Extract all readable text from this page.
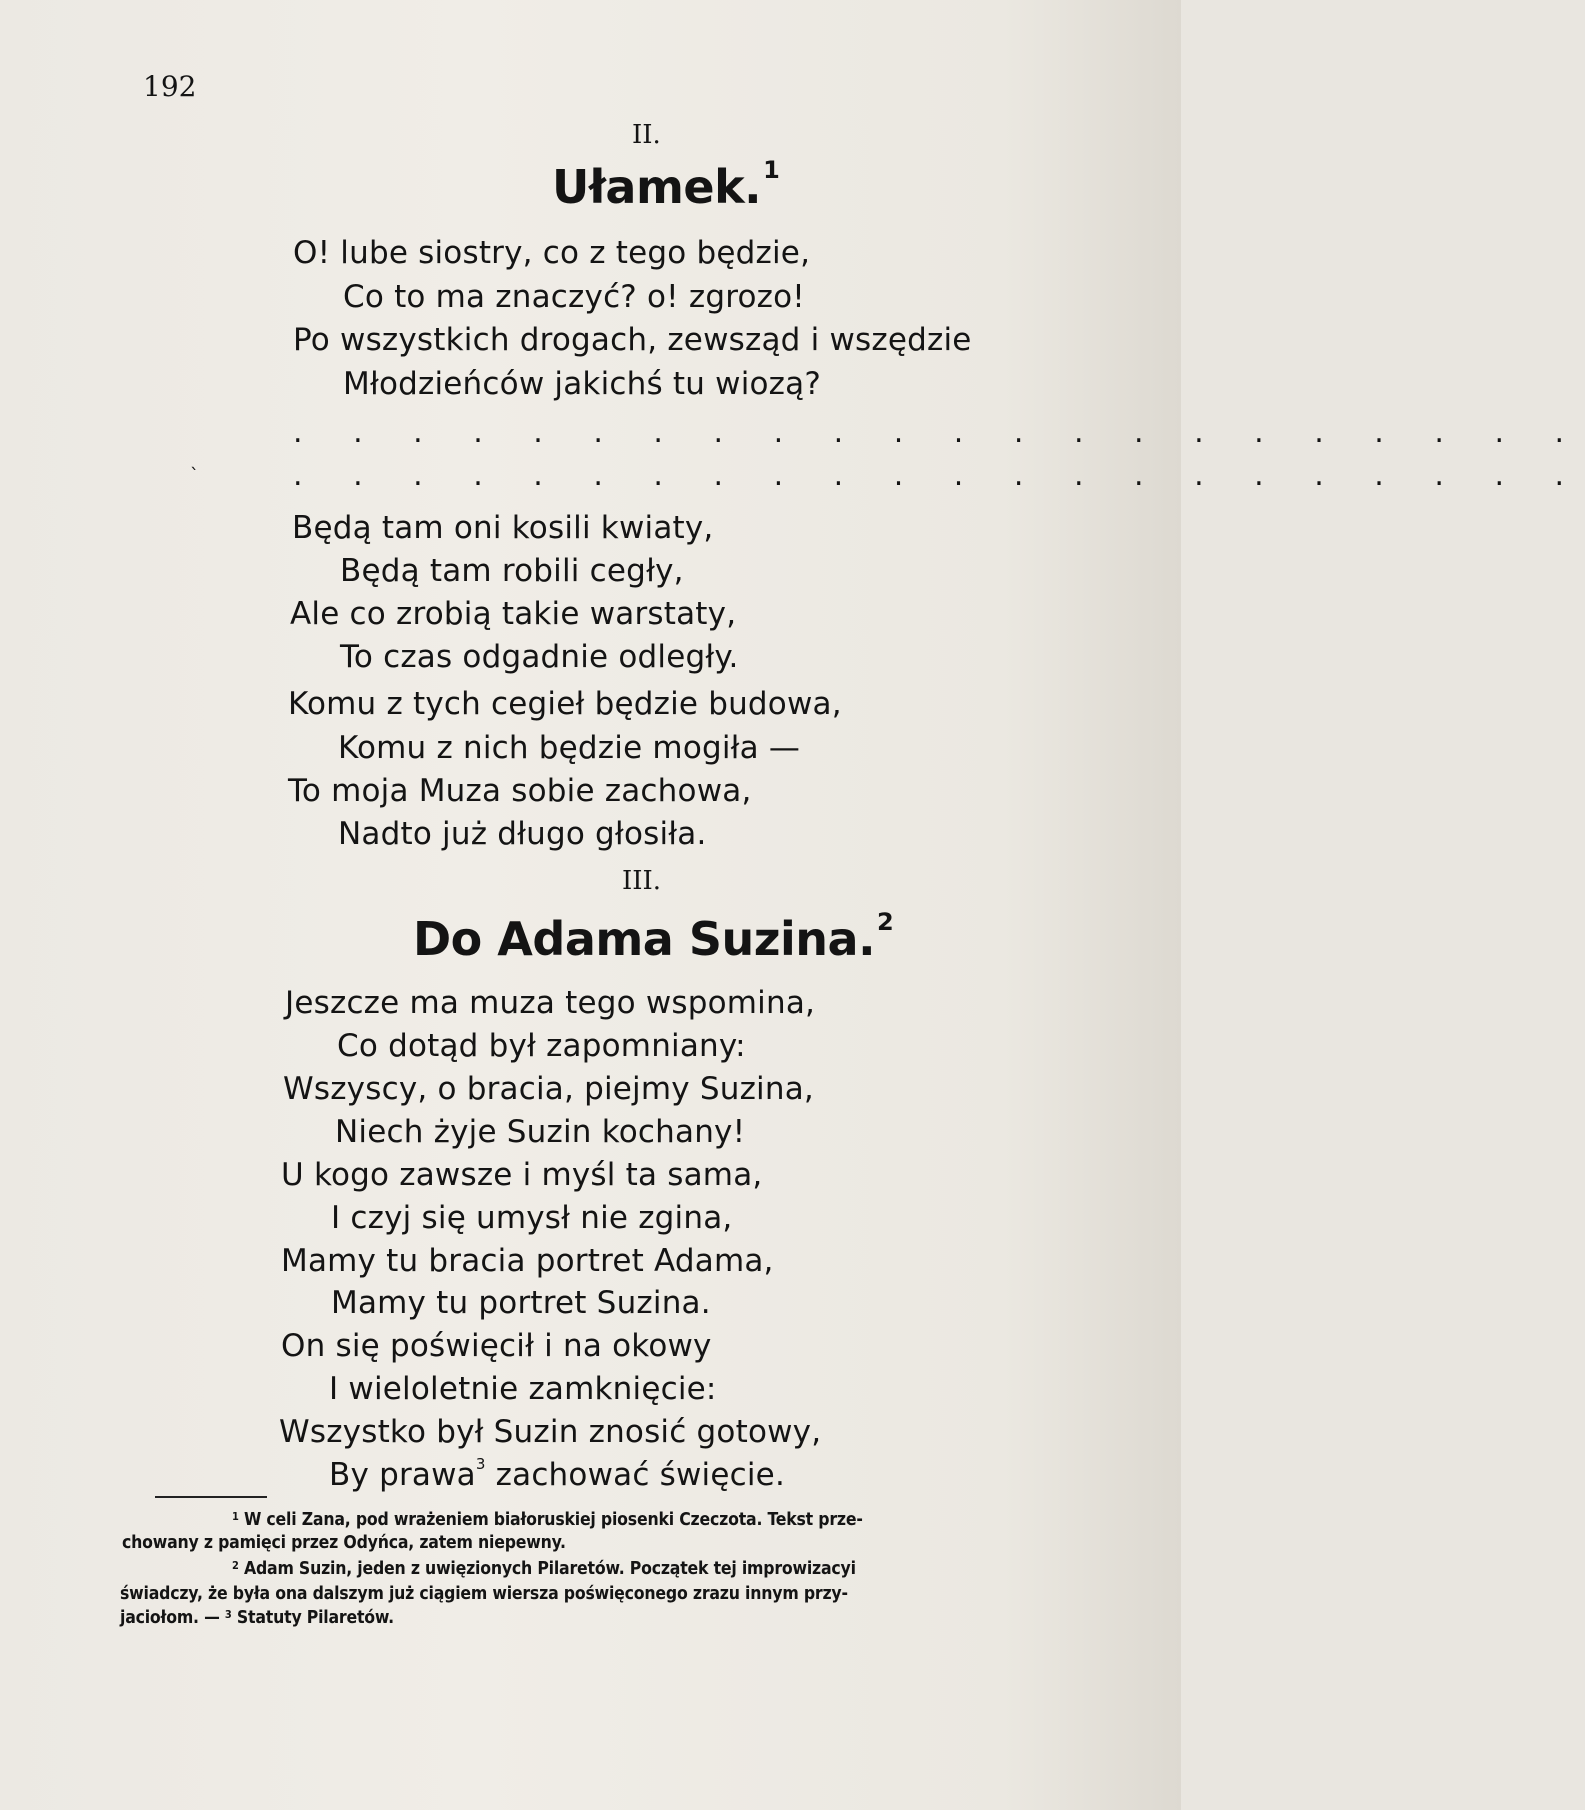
192
II.
Ułamek.$^1$
O! lube siostry, co z tego będzie,
Co to ma znaczyć? o! zgrozo!
Po wszystkich drogach, zewsząd i wszędzie
Młodzieńców jakichś tu wiozą?
. . . . . . . . . . . . . . . . . . . . . .
`	. . . . . . . . . . . . . . . . . . . . . .
Będą tam oni kosili kwiaty,
Będą tam robili cegły,
Ale co zrobią takie warstaty,
To czas odgadnie odległy.
Komu z tych cegieł będzie budowa,
Komu z nich będzie mogiła —
To moja Muza sobie zachowa,
Nadto już długo głosiła.
III.
Do Adama Suzina.$^2$
Jeszcze ma muza tego wspomina,
Co dotąd był zapomniany:
Wszyscy, o bracia, piejmy Suzina,
Niech żyje Suzin kochany!
U kogo zawsze i myśl ta sama,
I czyj się umysł nie zgina,
Mamy tu bracia portret Adama,
Mamy tu portret Suzina.
On się poświęcił i na okowy
I wieloletnie zamknięcie:
Wszystko był Suzin znosić gotowy,
By prawa$^3$ zachować święcie.
$^1$ W celi Zana, pod wrażeniem białoruskiej piosenki Czeczota. Tekst prze-
chowany z pamięci przez Odyńca, zatem niepewny.
$^2$ Adam Suzin, jeden z uwięzionych Pilaretów. Początek tej improwizacyi
świadczy, że była ona dalszym już ciągiem wiersza poświęconego zrazu innym przy-
jaciołom. — $^3$ Statuty Pilaretów.
